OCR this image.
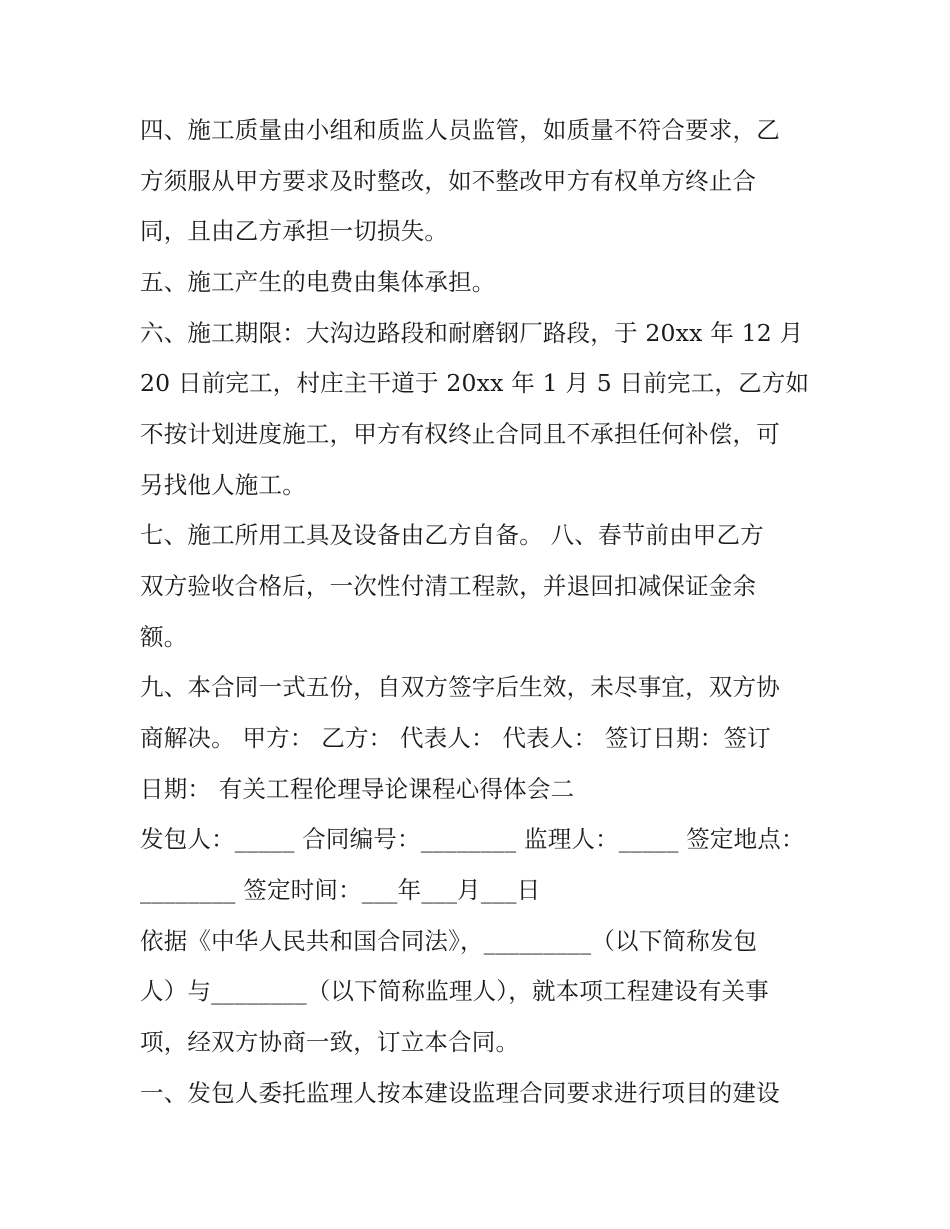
四、施工质量由小组和质监人员监管，如质量不符合要求，乙
方须服从甲方要求及时整改，如不整改甲方有权单方终止合
同，且由乙方承担一切损失。
五、施工产生的电费由集体承担。
六、施工期限：大沟边路段和耐磨钢厂路段，于 20xx 年 12 月
20 日前完工，村庄主干道于 20xx 年 1 月 5 日前完工，乙方如
不按计划进度施工，甲方有权终止合同且不承担任何补偿，可
另找他人施工。
七、施工所用工具及设备由乙方自备。 八、春节前由甲乙方
双方验收合格后，一次性付清工程款，并退回扣减保证金余
额。
九、本合同一式五份，自双方签字后生效，未尽事宜，双方协
商解决。 甲方： 乙方： 代表人： 代表人： 签订日期：签订
日期： 有关工程伦理导论课程心得体会二
发包人：_____ 合同编号：________ 监理人：_____ 签定地点：
________ 签定时间：___年___月___日
依据《中华人民共和国合同法》，_________（以下简称发包
人）与________（以下简称监理人），就本项工程建设有关事
项，经双方协商一致，订立本合同。
一、发包人委托监理人按本建设监理合同要求进行项目的建设
